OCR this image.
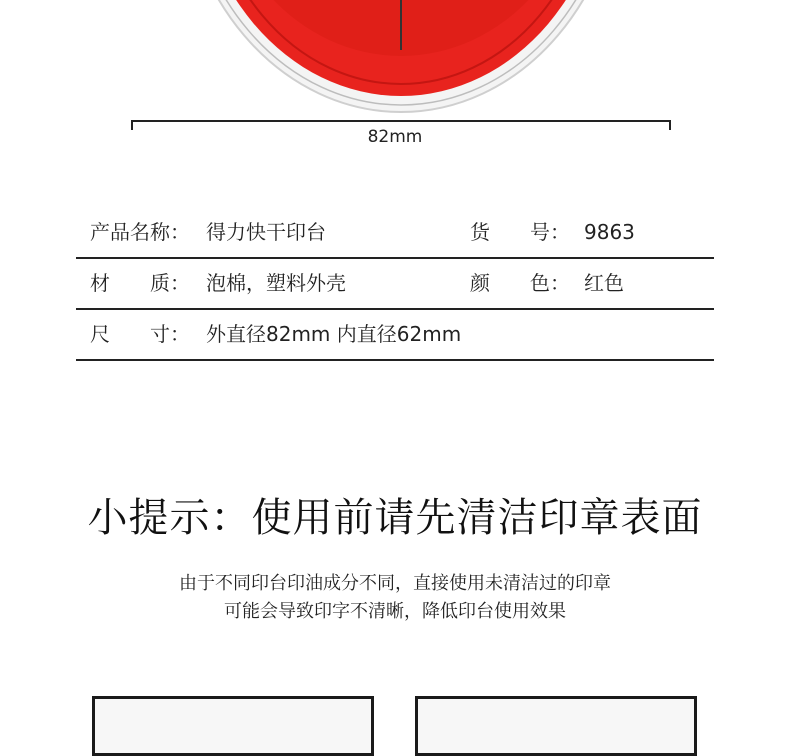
82mm
产品名称： 得力快干印台	货　　号： 9863
材　　质： 泡棉，塑料外壳	颜　　色： 红色
尺　　寸： 外直径82mm 内直径62mm
小提示：使用前请先清洁印章表面
由于不同印台印油成分不同，直接使用未清洁过的印章
可能会导致印字不清晰，降低印台使用效果
